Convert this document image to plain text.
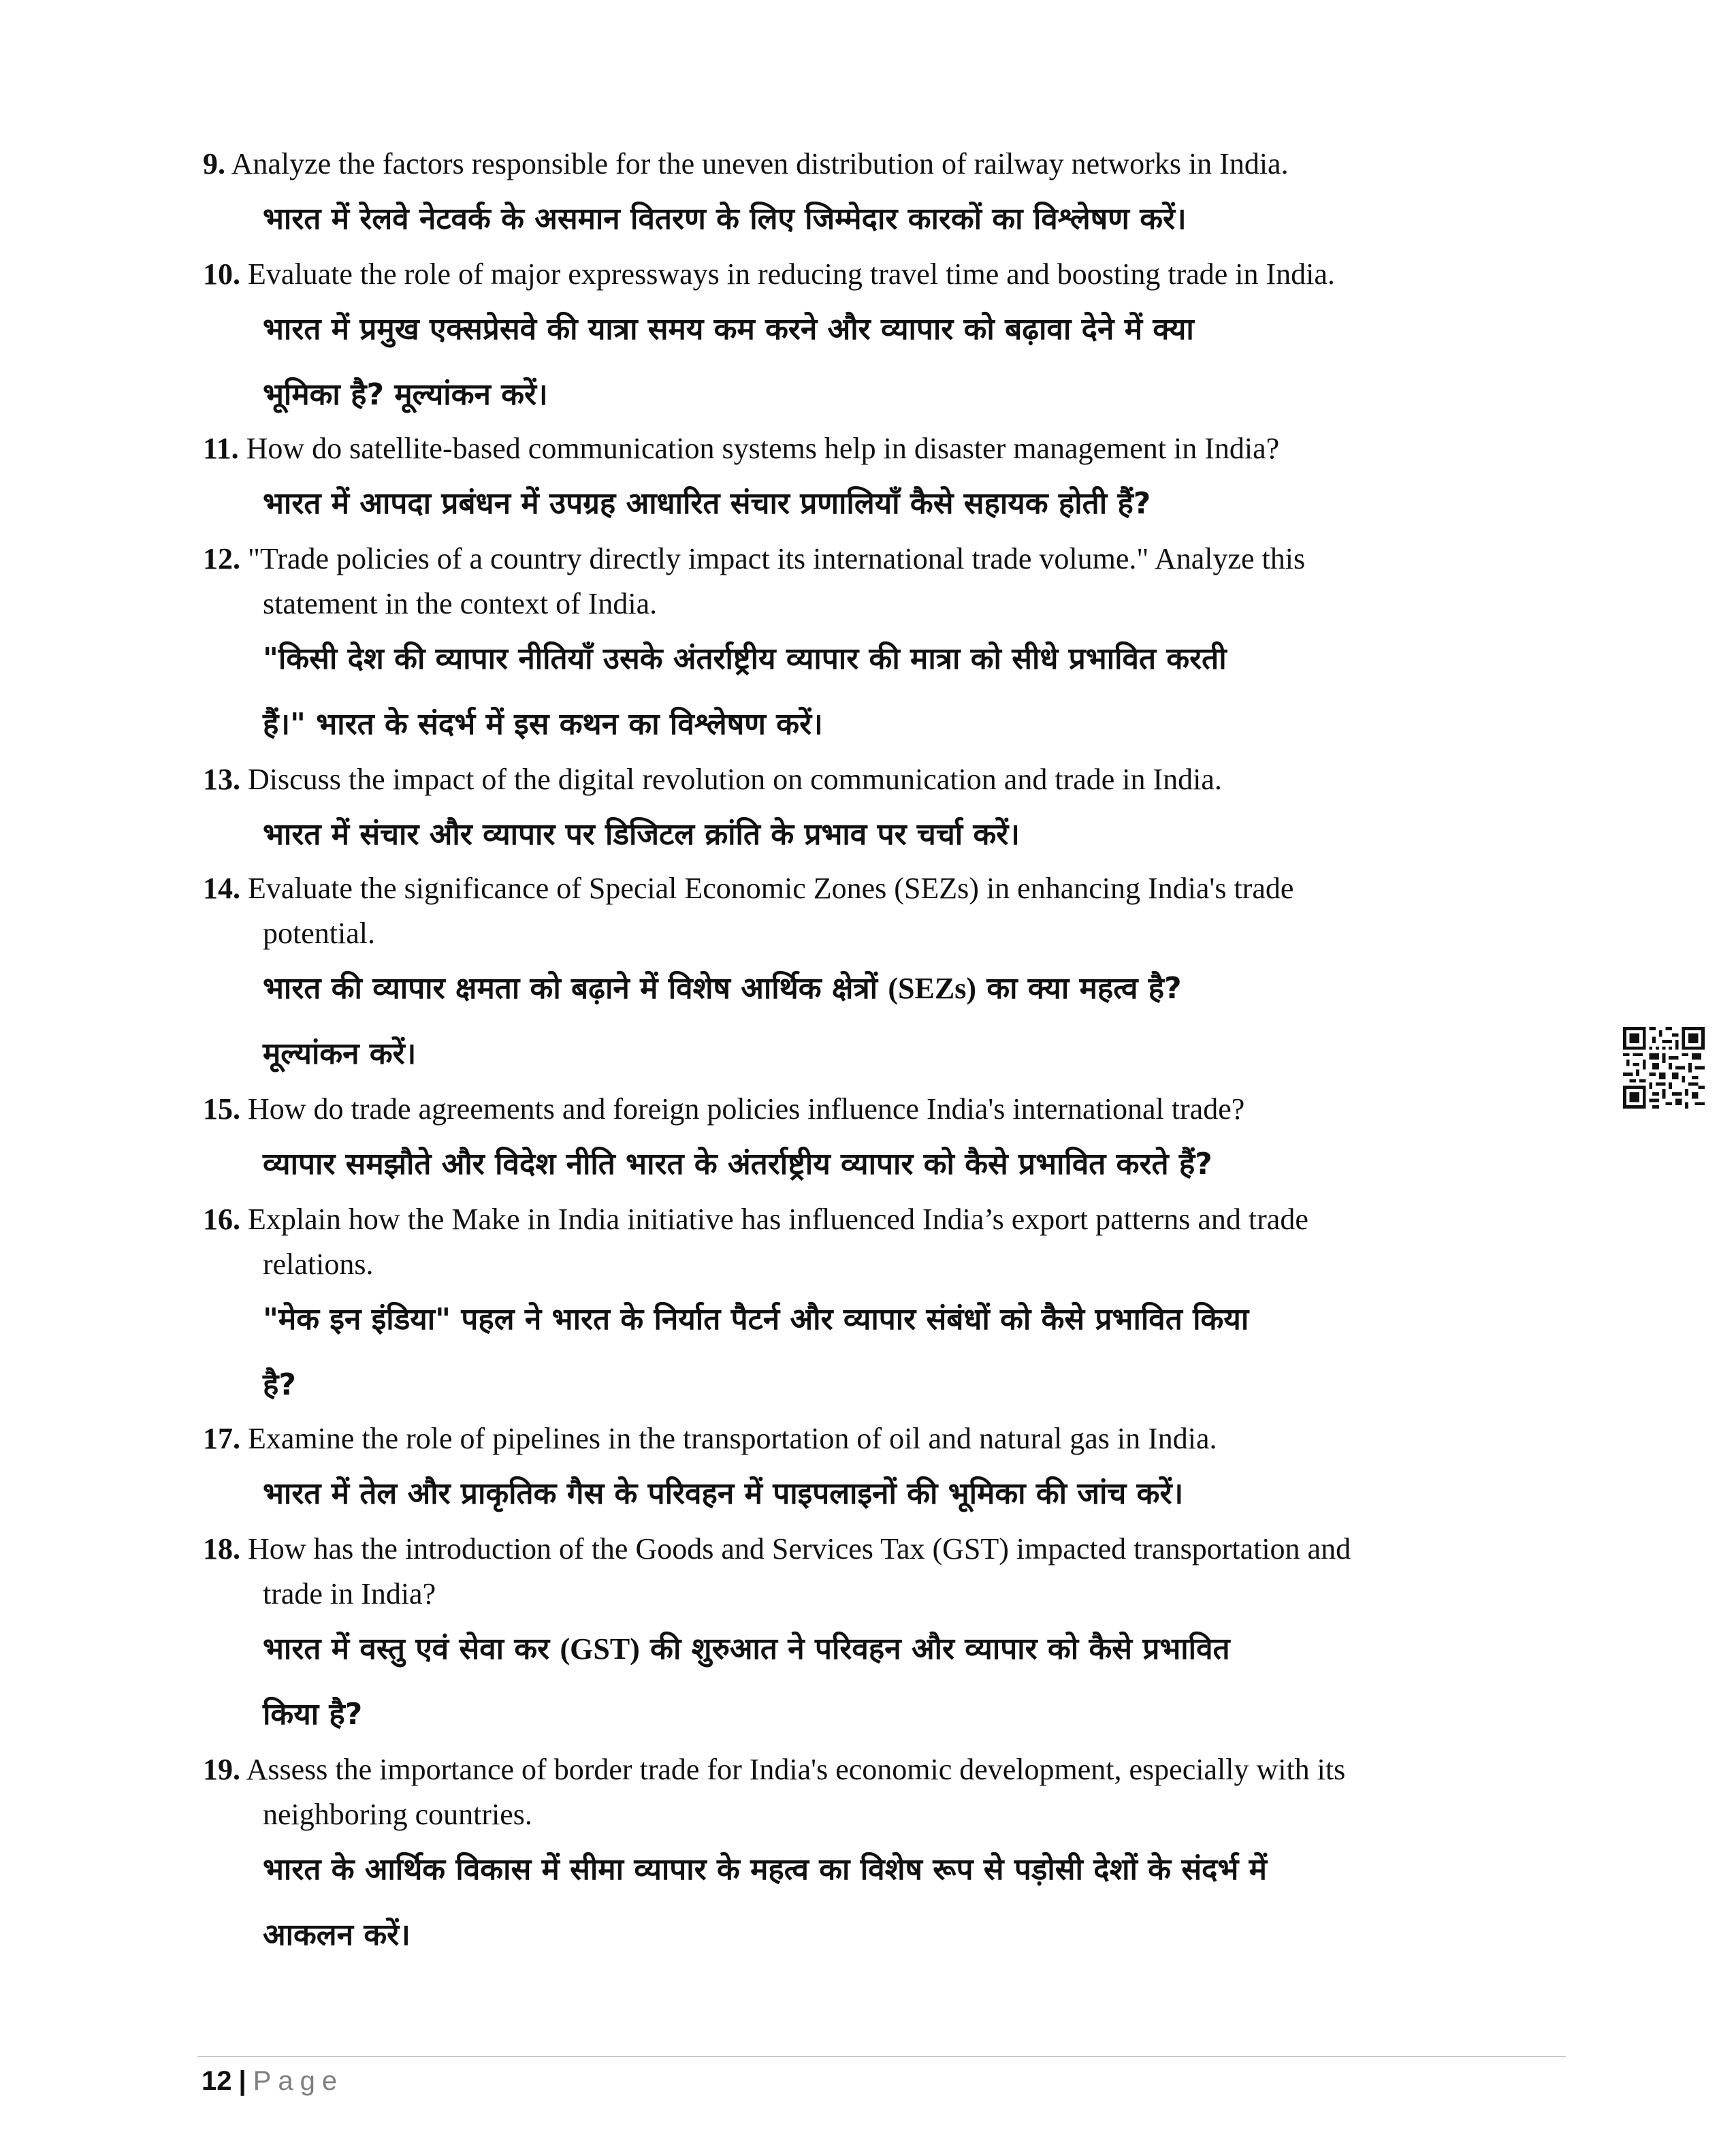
9. Analyze the factors responsible for the uneven distribution of railway networks in India.
भारत में रेलवे नेटवर्क के असमान वितरण के लिए जिम्मेदार कारकों का विश्लेषण करें।
10. Evaluate the role of major expressways in reducing travel time and boosting trade in India.
भारत में प्रमुख एक्सप्रेसवे की यात्रा समय कम करने और व्यापार को बढ़ावा देने में क्या
भूमिका है? मूल्यांकन करें।
11. How do satellite-based communication systems help in disaster management in India?
भारत में आपदा प्रबंधन में उपग्रह आधारित संचार प्रणालियाँ कैसे सहायक होती हैं?
12. "Trade policies of a country directly impact its international trade volume." Analyze this
statement in the context of India.
"किसी देश की व्यापार नीतियाँ उसके अंतर्राष्ट्रीय व्यापार की मात्रा को सीधे प्रभावित करती
हैं।" भारत के संदर्भ में इस कथन का विश्लेषण करें।
13. Discuss the impact of the digital revolution on communication and trade in India.
भारत में संचार और व्यापार पर डिजिटल क्रांति के प्रभाव पर चर्चा करें।
14. Evaluate the significance of Special Economic Zones (SEZs) in enhancing India's trade
potential.
भारत की व्यापार क्षमता को बढ़ाने में विशेष आर्थिक क्षेत्रों (SEZs) का क्या महत्व है?
मूल्यांकन करें।
15. How do trade agreements and foreign policies influence India's international trade?
व्यापार समझौते और विदेश नीति भारत के अंतर्राष्ट्रीय व्यापार को कैसे प्रभावित करते हैं?
16. Explain how the Make in India initiative has influenced India’s export patterns and trade
relations.
"मेक इन इंडिया" पहल ने भारत के निर्यात पैटर्न और व्यापार संबंधों को कैसे प्रभावित किया
है?
17. Examine the role of pipelines in the transportation of oil and natural gas in India.
भारत में तेल और प्राकृतिक गैस के परिवहन में पाइपलाइनों की भूमिका की जांच करें।
18. How has the introduction of the Goods and Services Tax (GST) impacted transportation and
trade in India?
भारत में वस्तु एवं सेवा कर (GST) की शुरुआत ने परिवहन और व्यापार को कैसे प्रभावित
किया है?
19. Assess the importance of border trade for India's economic development, especially with its
neighboring countries.
भारत के आर्थिक विकास में सीमा व्यापार के महत्व का विशेष रूप से पड़ोसी देशों के संदर्भ में
आकलन करें।
12 | Page
